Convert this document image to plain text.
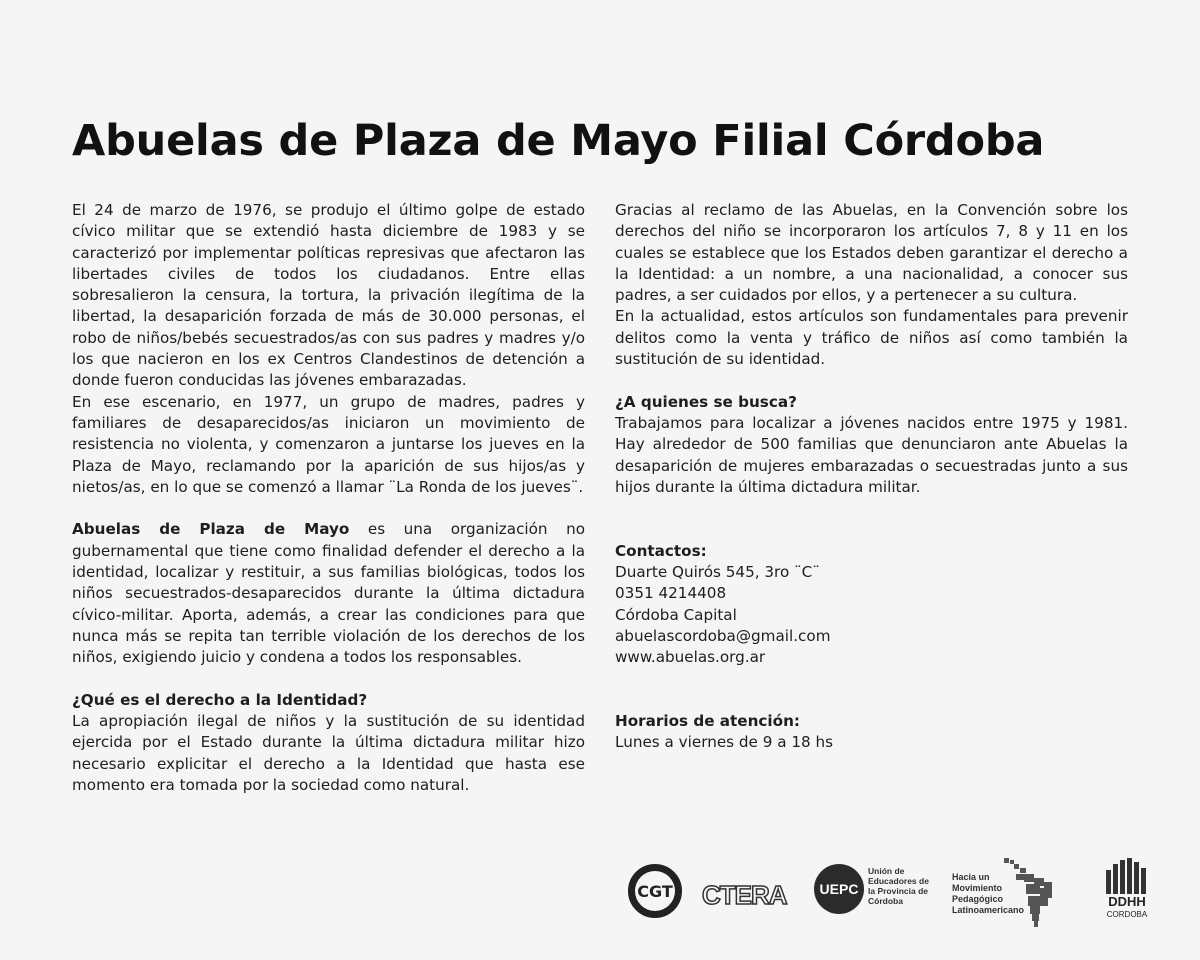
Abuelas de Plaza de Mayo Filial Córdoba

El 24 de marzo de 1976, se produjo el último golpe de estado cívico militar que se extendió hasta diciembre de 1983 y se caracterizó por implementar políticas represivas que afectaron las libertades civiles de todos los ciudadanos. Entre ellas sobresalieron la censura, la tortura, la privación ilegítima de la libertad, la desaparición forzada de más de 30.000 personas, el robo de niños/bebés secuestrados/as con sus padres y madres y/o los que nacieron en los ex Centros Clandestinos de detención a donde fueron conducidas las jóvenes embarazadas.

En ese escenario, en 1977, un grupo de madres, padres y familiares de desaparecidos/as iniciaron un movimiento de resistencia no violenta, y comenzaron a juntarse los jueves en la Plaza de Mayo, reclamando por la aparición de sus hijos/as y nietos/as, en lo que se comenzó a llamar ¨La Ronda de los jueves¨.

Abuelas de Plaza de Mayo es una organización no gubernamental que tiene como finalidad defender el derecho a la identidad, localizar y restituir, a sus familias biológicas, todos los niños secuestrados-desaparecidos durante la última dictadura cívico-militar. Aporta, además, a crear las condiciones para que nunca más se repita tan terrible violación de los derechos de los niños, exigiendo juicio y condena a todos los responsables.

¿Qué es el derecho a la Identidad?

La apropiación ilegal de niños y la sustitución de su identidad ejercida por el Estado durante la última dictadura militar hizo necesario explicitar el derecho a la Identidad que hasta ese momento era tomada por la sociedad como natural.

Gracias al reclamo de las Abuelas, en la Convención sobre los derechos del niño se incorporaron los artículos 7, 8 y 11 en los cuales se establece que los Estados deben garantizar el derecho a la Identidad: a un nombre, a una nacionalidad, a conocer sus padres, a ser cuidados por ellos, y a pertenecer a su cultura.

En la actualidad, estos artículos son fundamentales para prevenir delitos como la venta y tráfico de niños así como también la sustitución de su identidad.

¿A quienes se busca?

Trabajamos para localizar a jóvenes nacidos entre 1975 y 1981. Hay alrededor de 500 familias que denunciaron ante Abuelas la desaparición de mujeres embarazadas o secuestradas junto a sus hijos durante la última dictadura militar.

Contactos:

Duarte Quirós 545, 3ro ¨C¨

0351 4214408

Córdoba Capital

abuelascordoba@gmail.com

www.abuelas.org.ar

Horarios de atención:

Lunes a viernes de 9 a 18 hs

CGT CTERA	UEPC
Unión de Educadores de la Provincia de Córdoba
Hacia un Movimiento Pedagógico Latinoamericano
DDHH
CORDOBA
